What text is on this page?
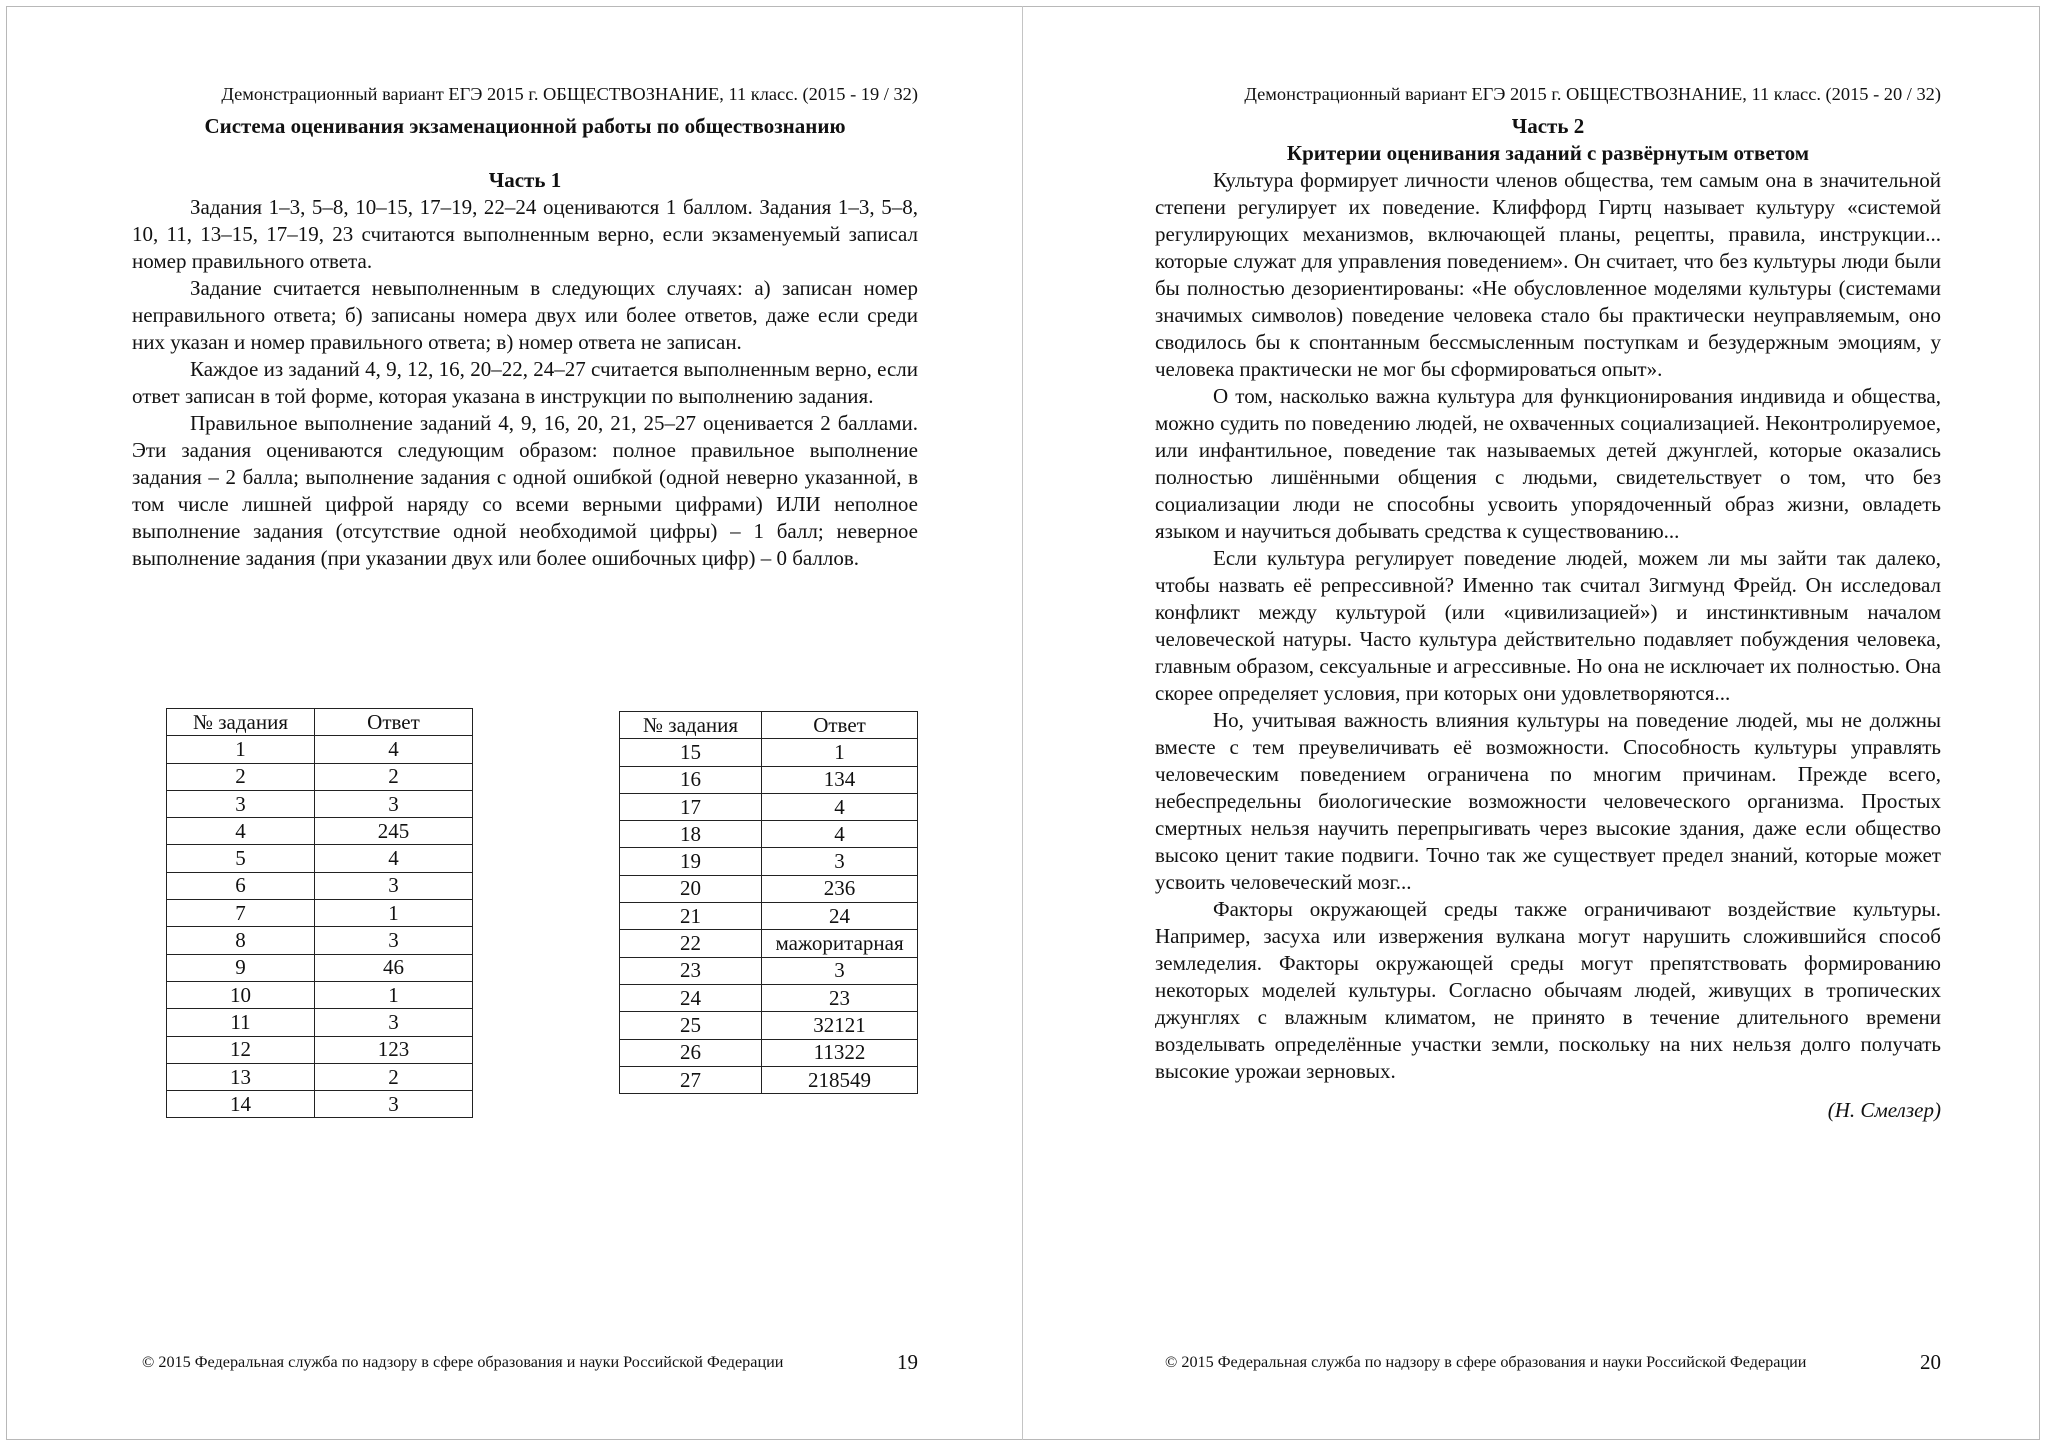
Демонстрационный вариант ЕГЭ 2015 г. ОБЩЕСТВОЗНАНИЕ, 11 класс. (2015 - 19 / 32)
Система оценивания экзаменационной работы по обществознанию
Часть 1

Задания 1–3, 5–8, 10–15, 17–19, 22–24 оцениваются 1 баллом. Задания 1–3, 5–8, 10, 11, 13–15, 17–19, 23 считаются выполненным верно, если экзаменуемый записал номер правильного ответа.

Задание считается невыполненным в следующих случаях: а) записан номер неправильного ответа; б) записаны номера двух или более ответов, даже если среди них указан и номер правильного ответа; в) номер ответа не записан.

Каждое из заданий 4, 9, 12, 16, 20–22, 24–27 считается выполненным верно, если ответ записан в той форме, которая указана в инструкции по выполнению задания.

Правильное выполнение заданий 4, 9, 16, 20, 21, 25–27 оценивается 2 баллами. Эти задания оцениваются следующим образом: полное правильное выполнение задания – 2 балла; выполнение задания с одной ошибкой (одной неверно указанной, в том числе лишней цифрой наряду со всеми верными цифрами) ИЛИ неполное выполнение задания (отсутствие одной необходимой цифры) – 1 балл; неверное выполнение задания (при указании двух или более ошибочных цифр) – 0 баллов.

№ задания	Ответ
1	4
2	2
3	3
4	245
5	4
6	3
7	1
8	3
9	46
10	1
11	3
12	123
13	2
14	3
№ задания	Ответ
15	1
16	134
17	4
18	4
19	3
20	236
21	24
22	мажоритарная
23	3
24	23
25	32121
26	11322
27	218549
© 2015 Федеральная служба по надзору в сфере образования и науки Российской Федерации	19
Демонстрационный вариант ЕГЭ 2015 г. ОБЩЕСТВОЗНАНИЕ, 11 класс. (2015 - 20 / 32)
Часть 2
Критерии оценивания заданий с развёрнутым ответом

Культура формирует личности членов общества, тем самым она в значительной степени регулирует их поведение. Клиффорд Гиртц называет культуру «системой регулирующих механизмов, включающей планы, рецепты, правила, инструкции... которые служат для управления поведением». Он считает, что без культуры люди были бы полностью дезориентированы: «Не обусловленное моделями культуры (системами значимых символов) поведение человека стало бы практически неуправляемым, оно сводилось бы к спонтанным бессмысленным поступкам и безудержным эмоциям, у человека практически не мог бы сформироваться опыт».

О том, насколько важна культура для функционирования индивида и общества, можно судить по поведению людей, не охваченных социализацией. Неконтролируемое, или инфантильное, поведение так называемых детей джунглей, которые оказались полностью лишёнными общения с людьми, свидетельствует о том, что без социализации люди не способны усвоить упорядоченный образ жизни, овладеть языком и научиться добывать средства к существованию...

Если культура регулирует поведение людей, можем ли мы зайти так далеко, чтобы назвать её репрессивной? Именно так считал Зигмунд Фрейд. Он исследовал конфликт между культурой (или «цивилизацией») и инстинктивным началом человеческой натуры. Часто культура действительно подавляет побуждения человека, главным образом, сексуальные и агрессивные. Но она не исключает их полностью. Она скорее определяет условия, при которых они удовлетворяются...

Но, учитывая важность влияния культуры на поведение людей, мы не должны вместе с тем преувеличивать её возможности. Способность культуры управлять человеческим поведением ограничена по многим причинам. Прежде всего, небеспредельны биологические возможности человеческого организма. Простых смертных нельзя научить перепрыгивать через высокие здания, даже если общество высоко ценит такие подвиги. Точно так же существует предел знаний, которые может усвоить человеческий мозг...

Факторы окружающей среды также ограничивают воздействие культуры. Например, засуха или извержения вулкана могут нарушить сложившийся способ земледелия. Факторы окружающей среды могут препятствовать формированию некоторых моделей культуры. Согласно обычаям людей, живущих в тропических джунглях с влажным климатом, не принято в течение длительного времени возделывать определённые участки земли, поскольку на них нельзя долго получать высокие урожаи зерновых.

(Н. Смелзер)

© 2015 Федеральная служба по надзору в сфере образования и науки Российской Федерации	20
